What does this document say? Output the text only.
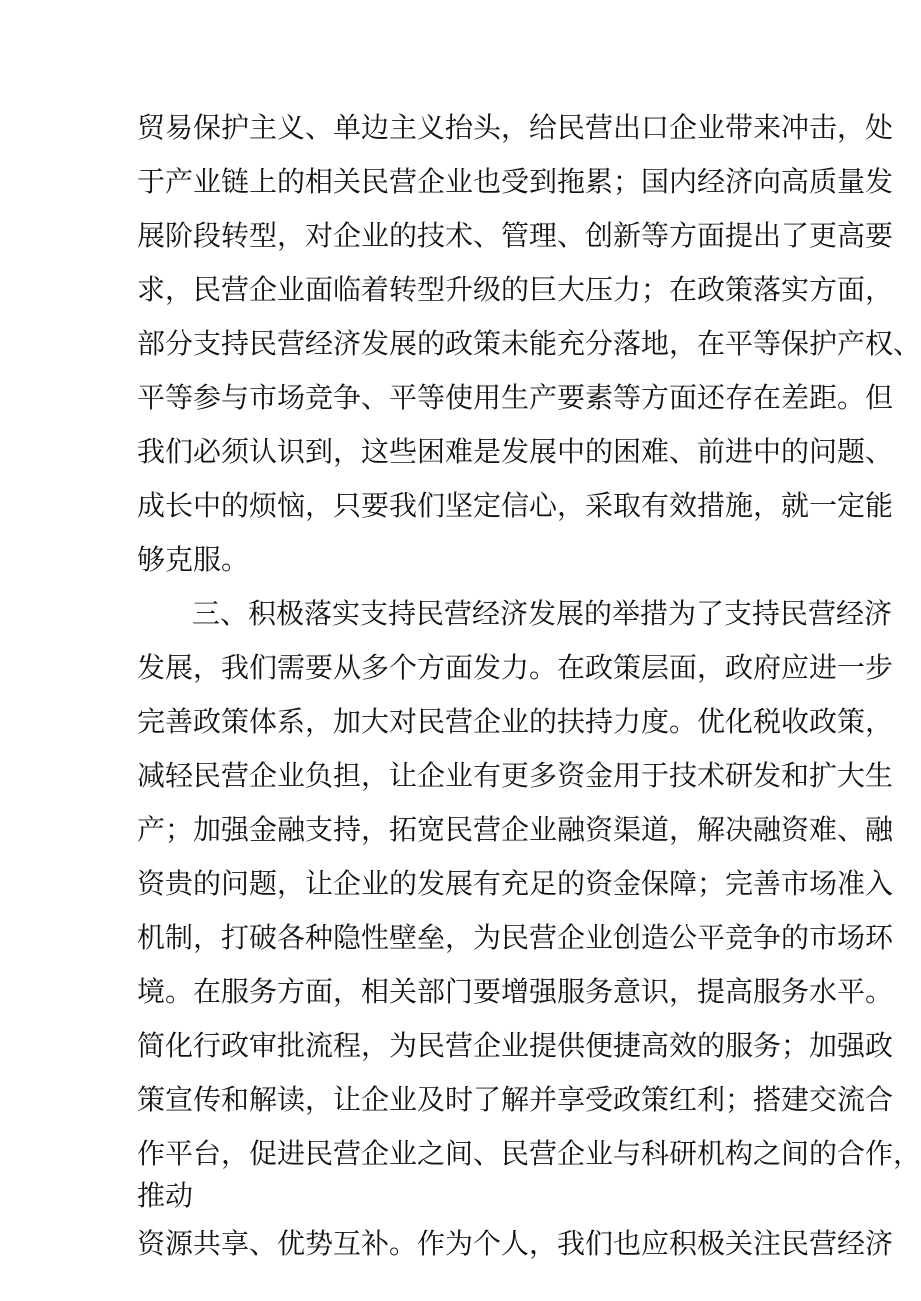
贸易保护主义、单边主义抬头，给民营出口企业带来冲击，处
于产业链上的相关民营企业也受到拖累；国内经济向高质量发
展阶段转型，对企业的技术、管理、创新等方面提出了更高要
求，民营企业面临着转型升级的巨大压力；在政策落实方面，
部分支持民营经济发展的政策未能充分落地，在平等保护产权、
平等参与市场竞争、平等使用生产要素等方面还存在差距。但
我们必须认识到，这些困难是发展中的困难、前进中的问题、
成长中的烦恼，只要我们坚定信心，采取有效措施，就一定能
够克服。
三、积极落实支持民营经济发展的举措为了支持民营经济
发展，我们需要从多个方面发力。在政策层面，政府应进一步
完善政策体系，加大对民营企业的扶持力度。优化税收政策，
减轻民营企业负担，让企业有更多资金用于技术研发和扩大生
产；加强金融支持，拓宽民营企业融资渠道，解决融资难、融
资贵的问题，让企业的发展有充足的资金保障；完善市场准入
机制，打破各种隐性壁垒，为民营企业创造公平竞争的市场环
境。在服务方面，相关部门要增强服务意识，提高服务水平。
简化行政审批流程，为民营企业提供便捷高效的服务；加强政
策宣传和解读，让企业及时了解并享受政策红利；搭建交流合
作平台，促进民营企业之间、民营企业与科研机构之间的合作，
推动
资源共享、优势互补。作为个人，我们也应积极关注民营经济
